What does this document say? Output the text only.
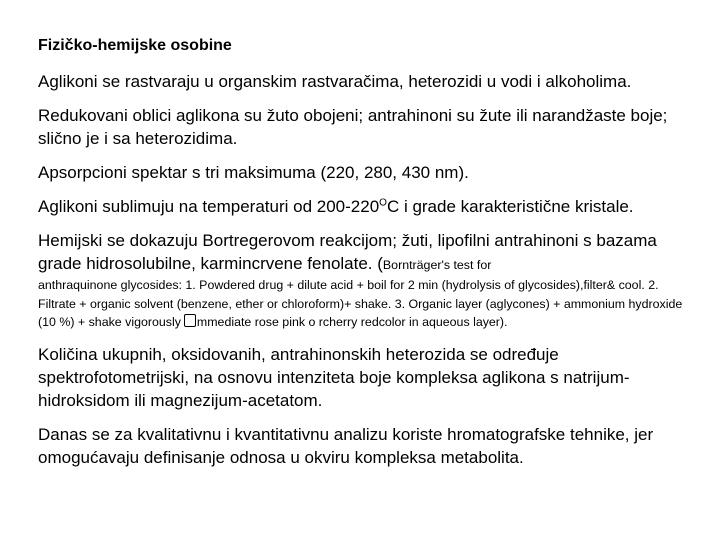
Fizičko-hemijske osobine

Aglikoni se rastvaraju u organskim rastvaračima, heterozidi u vodi i alkoholima.

Redukovani oblici aglikona su žuto obojeni; antrahinoni su žute ili narandžaste boje; slično je i sa heterozidima.

Apsorpcioni spektar s tri maksimuma (220, 280, 430 nm).

Aglikoni sublimuju na temperaturi od $200-220^OC$ i grade karakteristične kristale.

Hemijski se dokazuju Bortregerovom reakcijom; žuti, lipofilni antrahinoni s bazama grade hidrosolubilne, karmincrvene fenolate. (Bornträger's test for
anthraquinone glycosides: 1. Powdered drug + dilute acid + boil for 2 min (hydrolysis of glycosides),filter& cool. 2. Filtrate + organic solvent (benzene, ether or chloroform)+ shake. 3. Organic layer (aglycones) + ammonium hydroxide (10 %) + shake vigorously mmediate rose pink o rcherry redcolor in aqueous layer).

Količina ukupnih, oksidovanih, antrahinonskih heterozida se određuje spektrofotometrijski, na osnovu intenziteta boje kompleksa aglikona s natrijum-hidroksidom ili magnezijum-acetatom.

Danas se za kvalitativnu i kvantitativnu analizu koriste hromatografske tehnike, jer omogućavaju definisanje odnosa u okviru kompleksa metabolita.
